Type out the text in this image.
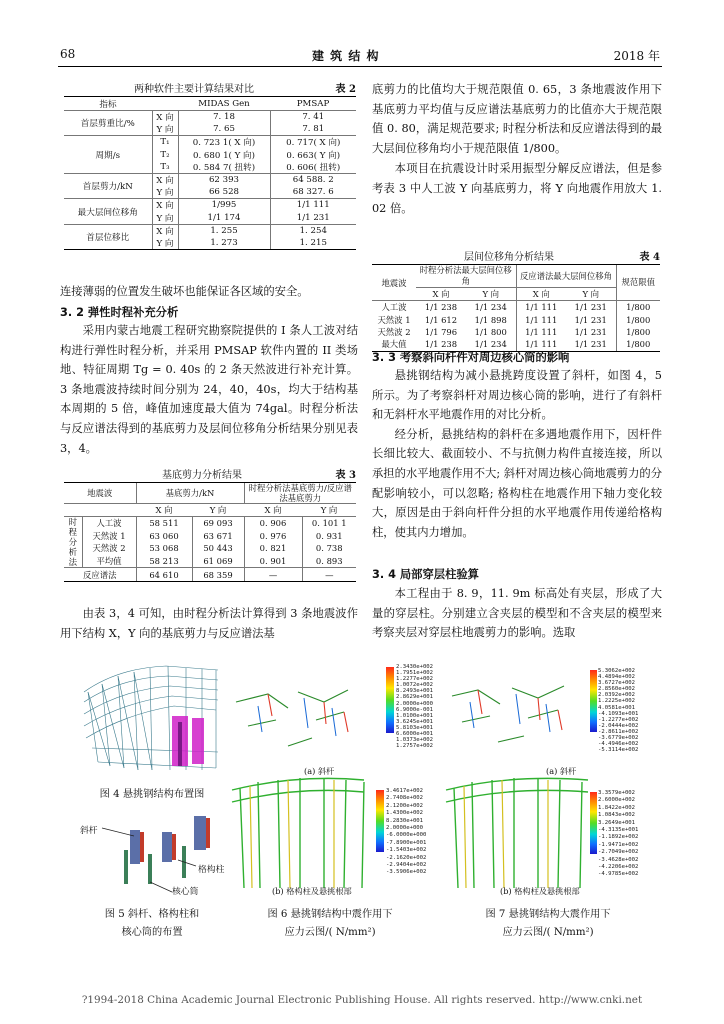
68	建 筑 结 构	2018 年
两种软件主要计算结果对比	表 2
指标		MIDAS Gen	PMSAP
首层剪重比/%	X 向	7. 18	7. 41
	Y 向	7. 65	7. 81
周期/s	T₁	0. 723 1( X 向)	0. 717( X 向)
	T₂	0. 680 1( Y 向)	0. 663( Y 向)
	T₃	0. 584 7( 扭转)	0. 606( 扭转)
首层剪力/kN	X 向	62 393	64 588. 2
	Y 向	66 528	68 327. 6
最大层间位移角	X 向	1/995	1/1 111
	Y 向	1/1 174	1/1 231
首层位移比	X 向	1. 255	1. 254
	Y 向	1. 273	1. 215

连接薄弱的位置发生破坏也能保证各区域的安全。

3. 2 弹性时程补充分析

采用内蒙古地震工程研究勘察院提供的 I 条人工波对结构进行弹性时程分析，并采用 PMSAP 软件内置的 II 类场地、特征周期 Tg = 0. 40s 的 2 条天然波进行补充计算。3 条地震波持续时间分别为 24，40，40s，均大于结构基本周期的 5 倍，峰值加速度最大值为 74gal。时程分析法与反应谱法得到的基底剪力及层间位移角分析结果分别见表 3，4。

基底剪力分析结果	表 3
地震波		基底剪力/kN		时程分析法基底剪力/反应谱法基底剪力	

		X 向	Y 向	X 向	Y 向
时程分析法	人工波	58 511	69 093	0. 906	0. 101 1
	天然波 1	63 060	63 671	0. 976	0. 931
	天然波 2	53 068	50 443	0. 821	0. 738
	平均值	58 213	61 069	0. 901	0. 893
反应谱法		64 610	68 359	—	—

由表 3，4 可知，由时程分析法计算得到 3 条地震波作用下结构 X，Y 向的基底剪力与反应谱法基

底剪力的比值均大于规范限值 0. 65，3 条地震波作用下基底剪力平均值与反应谱法基底剪力的比值亦大于规范限值 0. 80，满足规范要求; 时程分析法和反应谱法得到的最大层间位移角均小于规范限值 1/800。

本项目在抗震设计时采用振型分解反应谱法，但是参考表 3 中人工波 Y 向基底剪力，将 Y 向地震作用放大 1. 02 倍。

层间位移角分析结果	表 4
地震波	时程分析法最大层间位移角		反应谱法最大层间位移角		规范限值
	X 向	Y 向	X 向	Y 向	
人工波	1/1 238	1/1 234	1/1 111	1/1 231	1/800
天然波 1	1/1 612	1/1 898	1/1 111	1/1 231	1/800
天然波 2	1/1 796	1/1 800	1/1 111	1/1 231	1/800
最大值	1/1 238	1/1 234	1/1 111	1/1 231	1/800
3. 3 考察斜向杆件对周边核心筒的影响

悬挑钢结构为减小悬挑跨度设置了斜杆，如图 4，5 所示。为了考察斜杆对周边核心筒的影响，进行了有斜杆和无斜杆水平地震作用的对比分析。

经分析，悬挑结构的斜杆在多遇地震作用下，因杆件长细比较大、截面较小、不与抗侧力构件直接连接，所以承担的水平地震作用不大; 斜杆对周边核心筒地震剪力的分配影响较小，可以忽略; 格构柱在地震作用下轴力变化较大，原因是由于斜向杆件分担的水平地震作用传递给格构柱，使其内力增加。

3. 4 局部穿层柱验算

本工程由于 8. 9，11. 9m 标高处有夹层，形成了大量的穿层柱。分别建立含夹层的模型和不含夹层的模型来考察夹层对穿层柱地震剪力的影响。选取

图 4 悬挑钢结构布置图
斜杆
格构柱
核心筒
图 5 斜杆、格构柱和
核心筒的布置
2.3430e+002
1.7951e+002
1.2277e+002
1.0072e+002
8.2493e+001
2.8629e+001
2.0000e+000
6.9000e-001
1.0100e+001
3.6245e+001
5.8103e+001
6.6000e+001
1.0373e+002
1.2757e+002
(a) 斜杆
3.4617e+002
2.7408e+002
2.1200e+002
1.4300e+002
8.2830e+001
2.0000e+000
-6.0000e+000
-7.8900e+001
-1.5403e+002
-2.1620e+002
-2.9404e+002
-3.5906e+002
(b) 格构柱及悬挑根部
图 6 悬挑钢结构中震作用下
应力云图/( N/mm²)
5.3062e+002
4.4894e+002
3.6727e+002
2.8560e+002
2.0392e+002
1.2225e+002
4.0581e+001
-4.1093e+001
-1.2277e+002
-2.0444e+002
-2.8611e+002
-3.6779e+002
-4.4946e+002
-5.3114e+002
(a) 斜杆
3.3579e+002
2.6000e+002
1.8422e+002
1.0843e+002
3.2649e+001
-4.3135e+001
-1.1892e+002
-1.9471e+002
-2.7049e+002
-3.4628e+002
-4.2206e+002
-4.9785e+002
(b) 格构柱及悬挑根部
图 7 悬挑钢结构大震作用下
应力云图/( N/mm²)
?1994-2018 China Academic Journal Electronic Publishing House. All rights reserved. http://www.cnki.net
